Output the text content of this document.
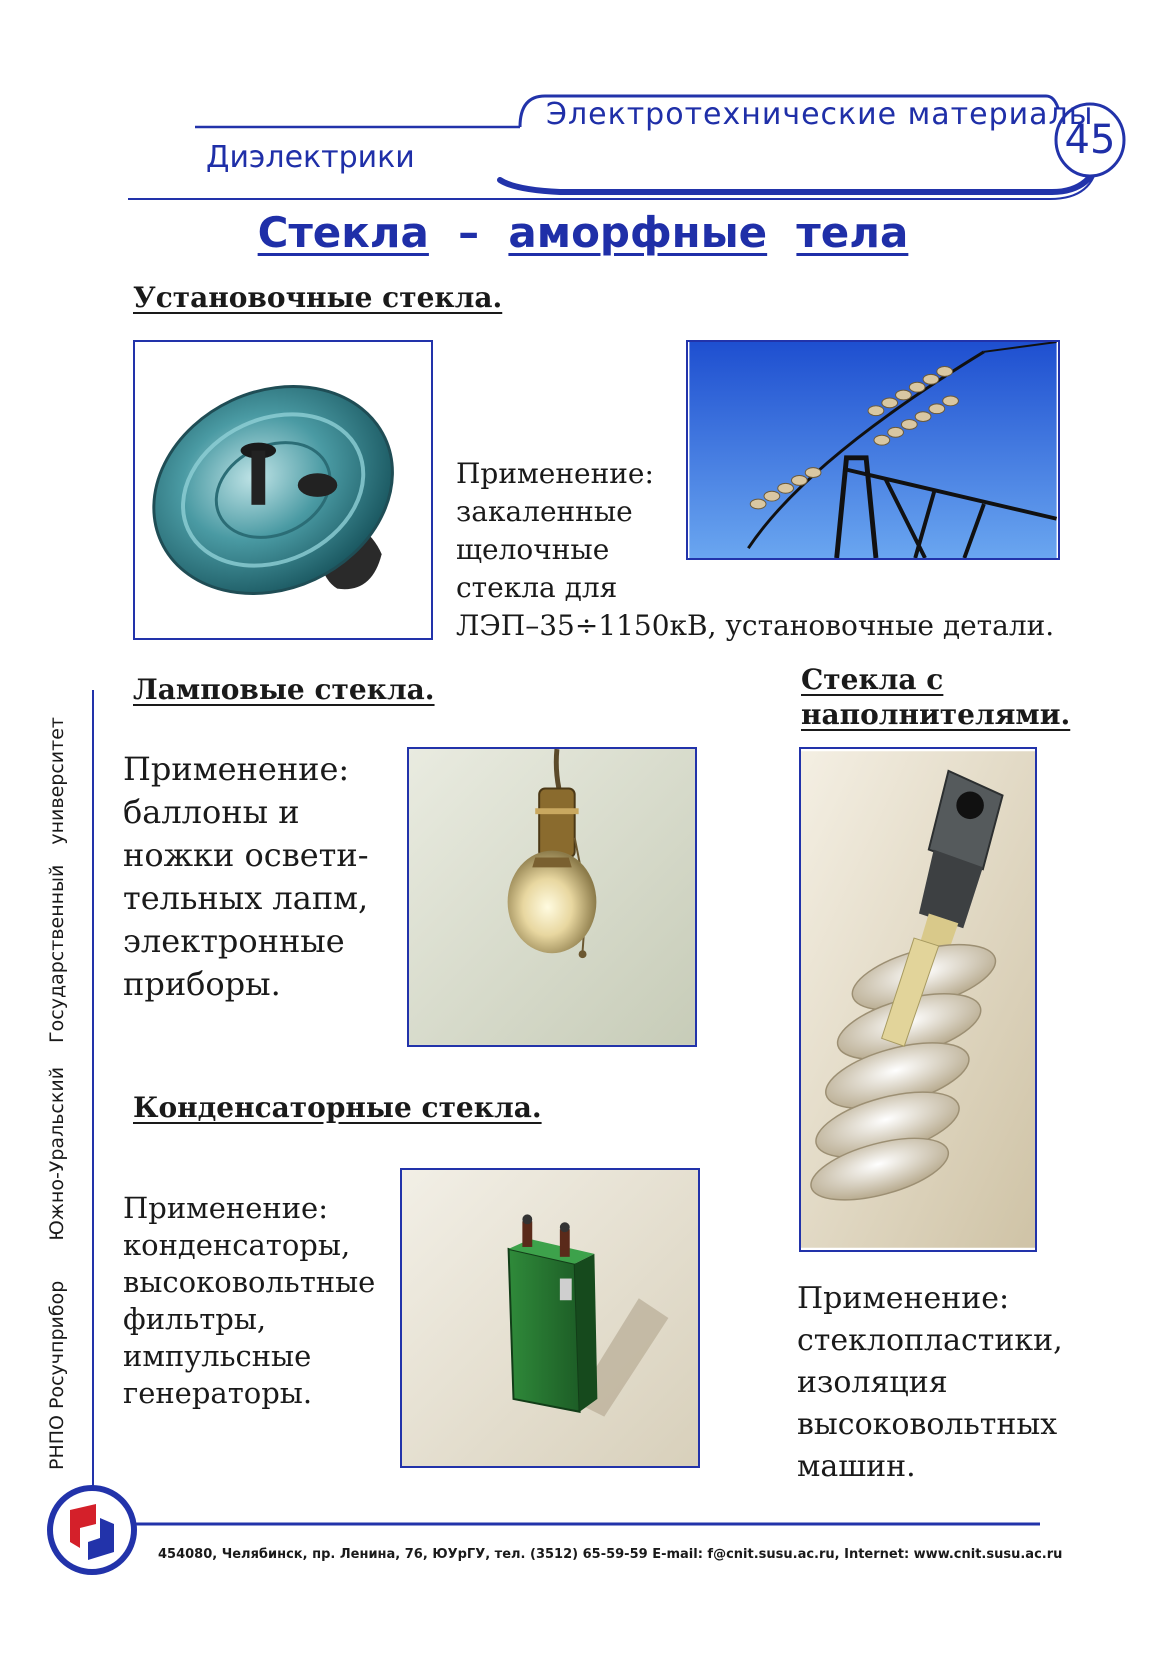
Электротехнические материалы
45
Диэлектрики
Стекла – аморфные тела
Установочные стекла.
Применение:
закаленные
щелочные
стекла для
ЛЭП–35÷1150кВ, установочные детали.
Ламповые стекла.
Применение:
баллоны и
ножки освети-
тельных лапм,
электронные
приборы.
Стекла с
наполнителями.
Применение:
стеклопластики,
изоляция
высоковольтных
машин.
Конденсаторные стекла.
Применение:
конденсаторы,
высоковольтные
фильтры,
импульсные
генераторы.
РНПО РосучприборЮжно-УральскийГосударственныйуниверситет
454080, Челябинск, пр. Ленина, 76, ЮУрГУ, тел. (3512) 65-59-59 E-mail: f@cnit.susu.ac.ru, Internet: www.cnit.susu.ac.ru
